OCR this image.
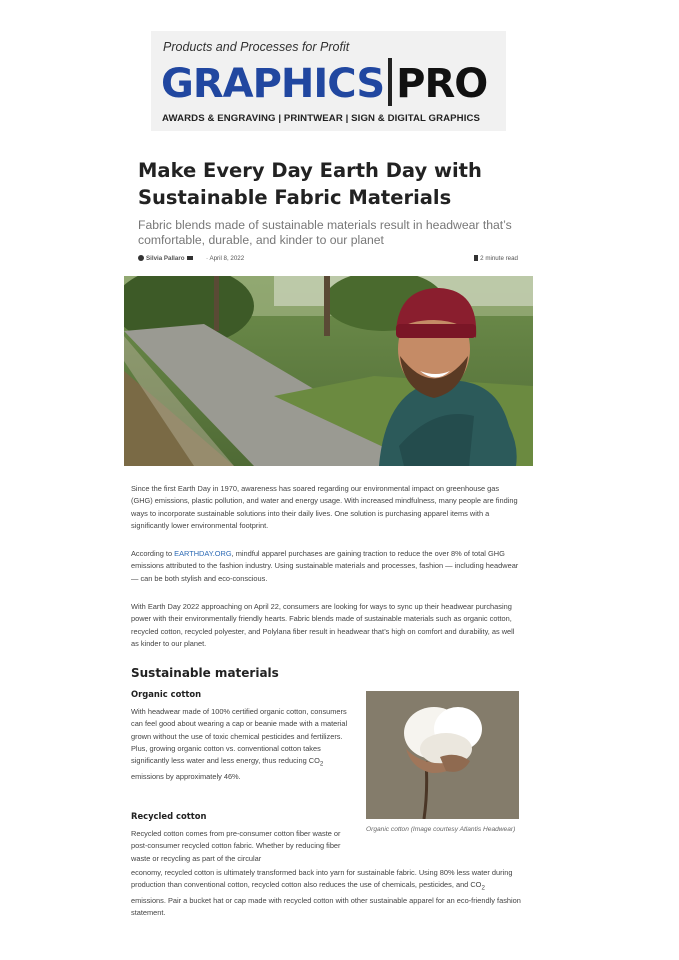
Products and Processes for Profit
GRAPHICS PRO
AWARDS & ENGRAVING | PRINTWEAR | SIGN & DIGITAL GRAPHICS
Make Every Day Earth Day with Sustainable Fabric Materials
Fabric blends made of sustainable materials result in headwear that’s comfortable, durable, and kinder to our planet
Silvia Pallaro	· April 8, 2022	2 minute read
Since the first Earth Day in 1970, awareness has soared regarding our environmental impact on greenhouse gas (GHG) emissions, plastic pollution, and water and energy usage. With increased mindfulness, many people are finding ways to incorporate sustainable solutions into their daily lives. One solution is purchasing apparel items with a significantly lower environmental footprint.
According to EARTHDAY.ORG, mindful apparel purchases are gaining traction to reduce the over 8% of total GHG emissions attributed to the fashion industry. Using sustainable materials and processes, fashion — including headwear — can be both stylish and eco-conscious.
With Earth Day 2022 approaching on April 22, consumers are looking for ways to sync up their headwear purchasing power with their environmentally friendly hearts. Fabric blends made of sustainable materials such as organic cotton, recycled cotton, recycled polyester, and Polylana fiber result in headwear that’s high on comfort and durability, as well as kinder to our planet.
Sustainable materials
Organic cotton
With headwear made of 100% certified organic cotton, consumers can feel good about wearing a cap or beanie made with a material grown without the use of toxic chemical pesticides and fertilizers. Plus, growing organic cotton vs. conventional cotton takes significantly less water and less energy, thus reducing $CO_2$ emissions by approximately 46%.
Organic cotton (Image courtesy Atlantis Headwear)
Recycled cotton
Recycled cotton comes from pre-consumer cotton fiber waste or post-consumer recycled cotton fabric. Whether by reducing fiber waste or recycling as part of the circular
economy, recycled cotton is ultimately transformed back into yarn for sustainable fabric. Using 80% less water during production than conventional cotton, recycled cotton also reduces the use of chemicals, pesticides, and $CO_2$ emissions. Pair a bucket hat or cap made with recycled cotton with other sustainable apparel for an eco-friendly fashion statement.
